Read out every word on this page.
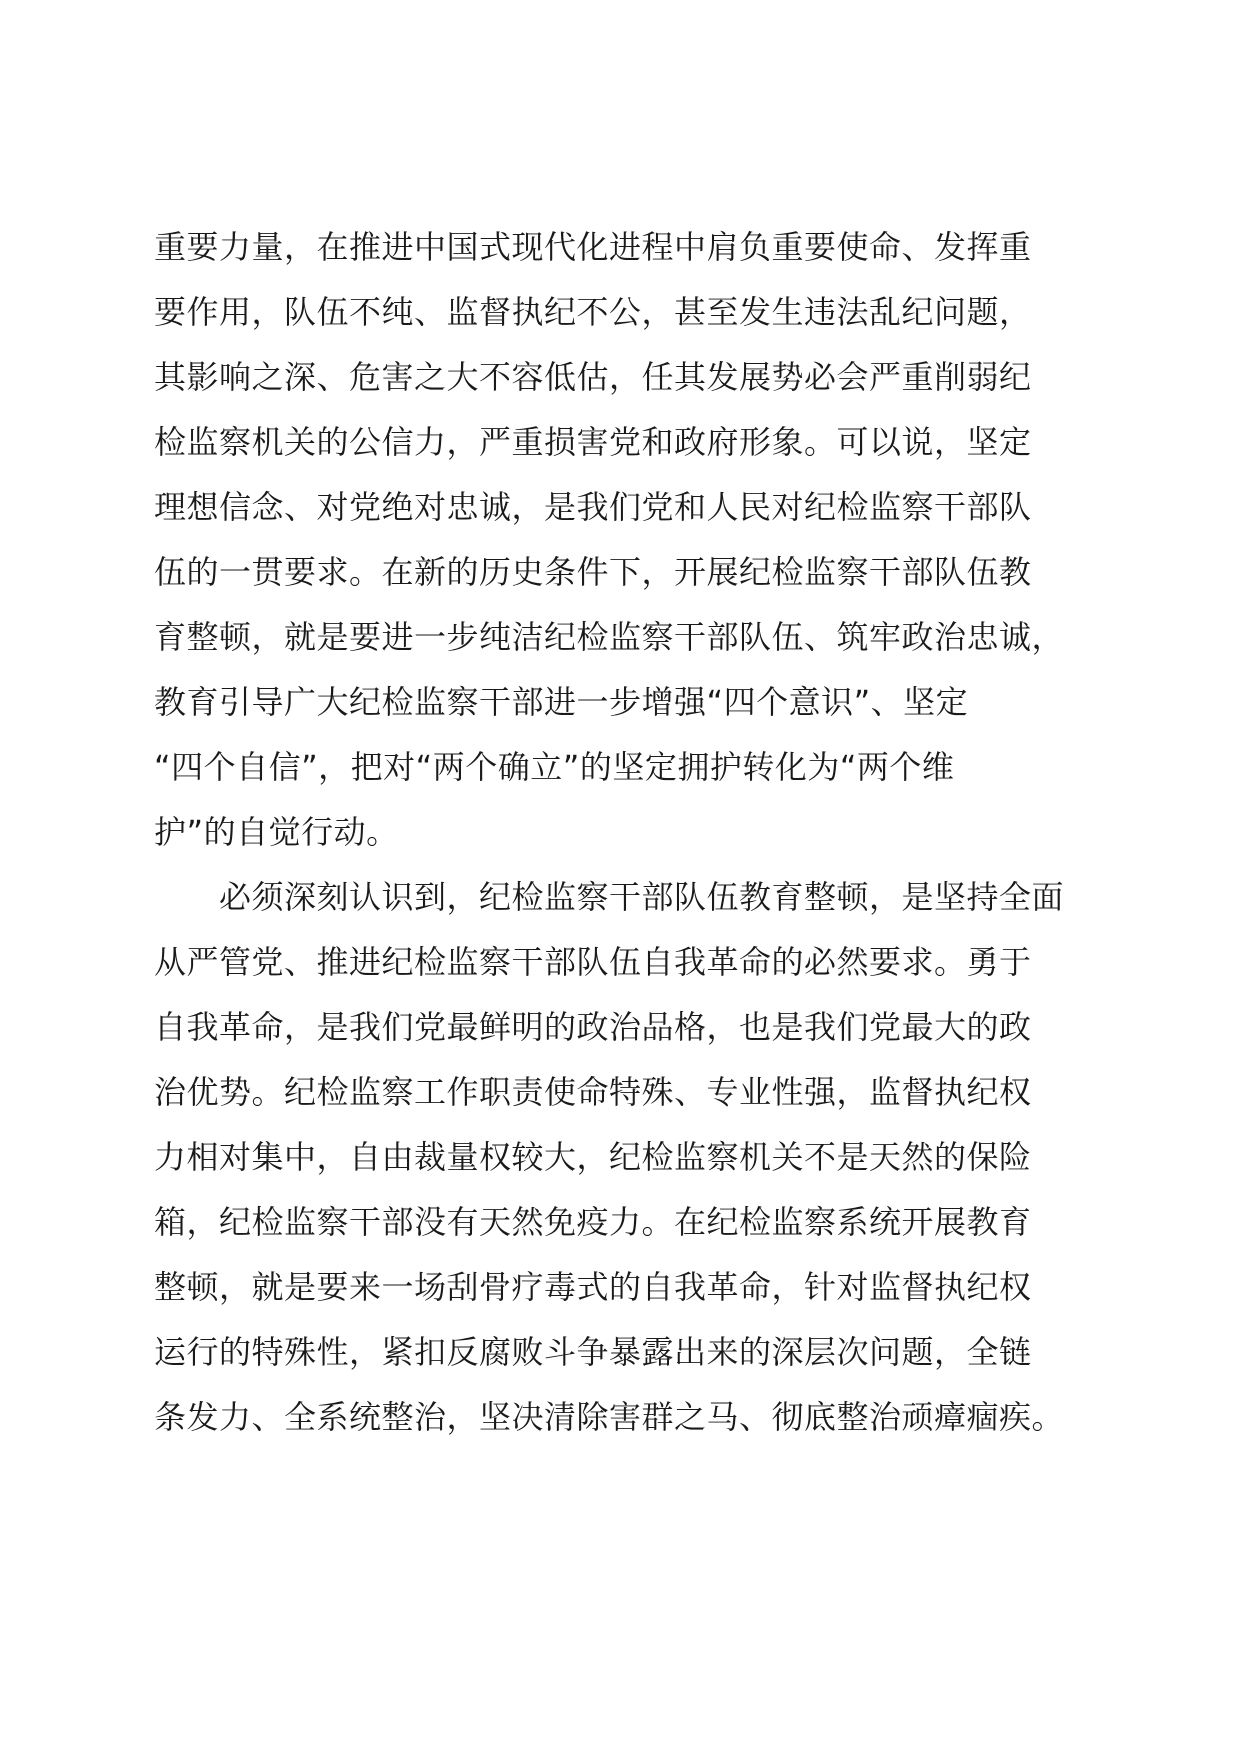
重要力量，在推进中国式现代化进程中肩负重要使命、发挥重
要作用，队伍不纯、监督执纪不公，甚至发生违法乱纪问题，
其影响之深、危害之大不容低估，任其发展势必会严重削弱纪
检监察机关的公信力，严重损害党和政府形象。可以说，坚定
理想信念、对党绝对忠诚，是我们党和人民对纪检监察干部队
伍的一贯要求。在新的历史条件下，开展纪检监察干部队伍教
育整顿，就是要进一步纯洁纪检监察干部队伍、筑牢政治忠诚，
教育引导广大纪检监察干部进一步增强“四个意识”、坚定
“四个自信”，把对“两个确立”的坚定拥护转化为“两个维
护”的自觉行动。
　　必须深刻认识到，纪检监察干部队伍教育整顿，是坚持全面
从严管党、推进纪检监察干部队伍自我革命的必然要求。勇于
自我革命，是我们党最鲜明的政治品格，也是我们党最大的政
治优势。纪检监察工作职责使命特殊、专业性强，监督执纪权
力相对集中，自由裁量权较大，纪检监察机关不是天然的保险
箱，纪检监察干部没有天然免疫力。在纪检监察系统开展教育
整顿，就是要来一场刮骨疗毒式的自我革命，针对监督执纪权
运行的特殊性，紧扣反腐败斗争暴露出来的深层次问题，全链
条发力、全系统整治，坚决清除害群之马、彻底整治顽瘴痼疾。
